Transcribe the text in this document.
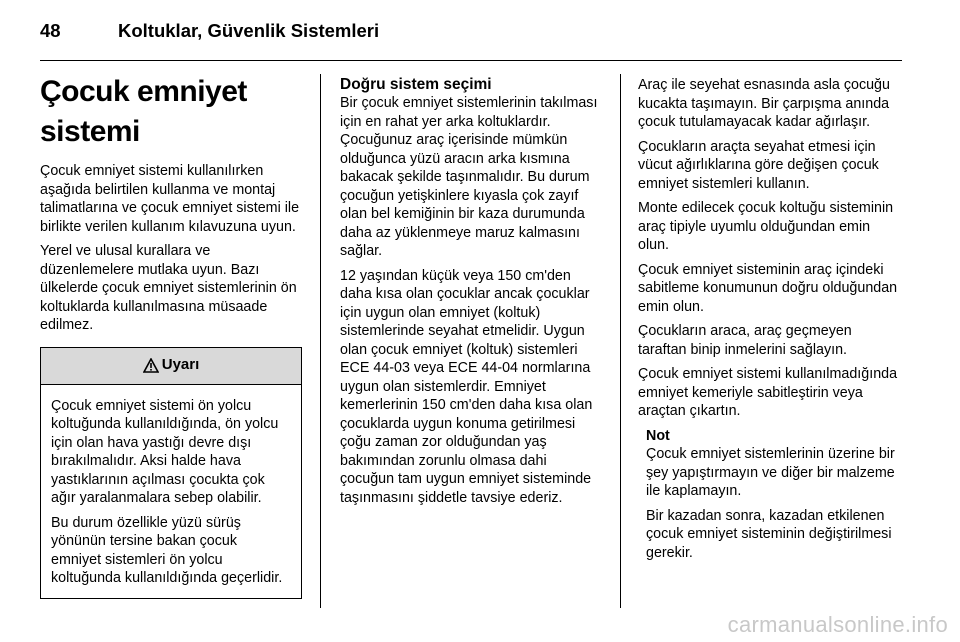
48	Koltuklar, Güvenlik Sistemleri
Çocuk emniyet sistemi

Çocuk emniyet sistemi kullanılırken aşağıda belirtilen kullanma ve montaj talimatlarına ve çocuk emniyet sistemi ile birlikte verilen kullanım kılavuzuna uyun.

Yerel ve ulusal kurallara ve düzenlemelere mutlaka uyun. Bazı ülkelerde çocuk emniyet sistemlerinin ön koltuklarda kullanılmasına müsaade edilmez.

Uyarı

Çocuk emniyet sistemi ön yolcu koltuğunda kullanıldığında, ön yolcu için olan hava yastığı devre dışı bırakılmalıdır. Aksi halde hava yastıklarının açılması çocukta çok ağır yaralanmalara sebep olabilir.

Bu durum özellikle yüzü sürüş yönünün tersine bakan çocuk emniyet sistemleri ön yolcu koltuğunda kullanıldığında geçerlidir.

Doğru sistem seçimi

Bir çocuk emniyet sistemlerinin takılması için en rahat yer arka koltuklardır. Çocuğunuz araç içerisinde mümkün olduğunca yüzü aracın arka kısmına bakacak şekilde taşınmalıdır. Bu durum çocuğun yetişkinlere kıyasla çok zayıf olan bel kemiğinin bir kaza durumunda daha az yüklenmeye maruz kalmasını sağlar.

12 yaşından küçük veya 150 cm'den daha kısa olan çocuklar ancak çocuklar için uygun olan emniyet (koltuk) sistemlerinde seyahat etmelidir. Uygun olan çocuk emniyet (koltuk) sistemleri ECE 44-03 veya ECE 44-04 normlarına uygun olan sistemlerdir. Emniyet kemerlerinin 150 cm'den daha kısa olan çocuklarda uygun konuma getirilmesi çoğu zaman zor olduğundan yaş bakımından zorunlu olmasa dahi çocuğun tam uygun emniyet sisteminde taşınmasını şiddetle tavsiye ederiz.

Araç ile seyehat esnasında asla çocuğu kucakta taşımayın. Bir çarpışma anında çocuk tutulamayacak kadar ağırlaşır.

Çocukların araçta seyahat etmesi için vücut ağırlıklarına göre değişen çocuk emniyet sistemleri kullanın.

Monte edilecek çocuk koltuğu sisteminin araç tipiyle uyumlu olduğundan emin olun.

Çocuk emniyet sisteminin araç içindeki sabitleme konumunun doğru olduğundan emin olun.

Çocukların araca, araç geçmeyen taraftan binip inmelerini sağlayın.

Çocuk emniyet sistemi kullanılmadığında emniyet kemeriyle sabitleştirin veya araçtan çıkartın.

Not

Çocuk emniyet sistemlerinin üzerine bir şey yapıştırmayın ve diğer bir malzeme ile kaplamayın.

Bir kazadan sonra, kazadan etkilenen çocuk emniyet sisteminin değiştirilmesi gerekir.

carmanualsonline.info
